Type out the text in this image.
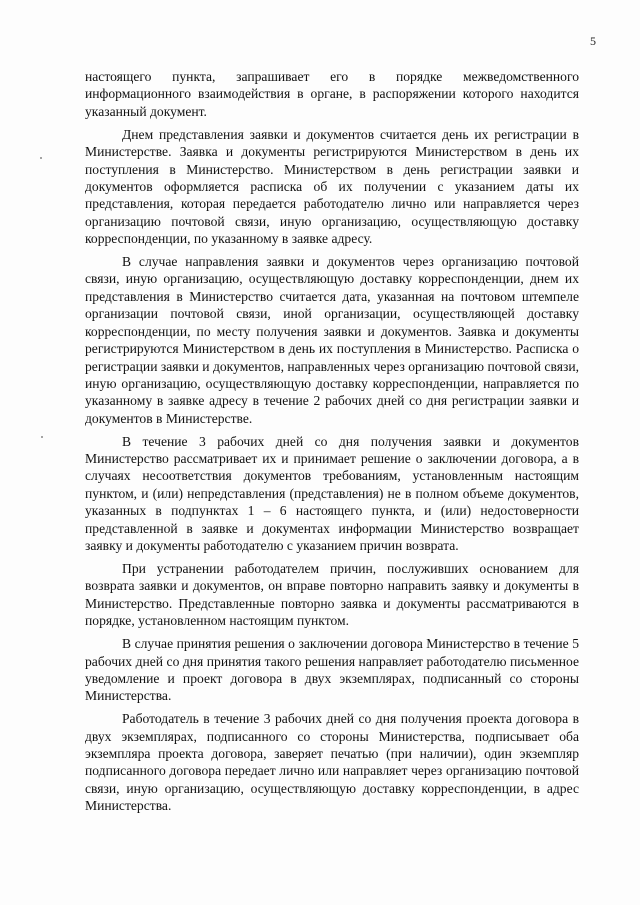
5

настоящего пункта, запрашивает его в порядке межведомственного информационного взаимодействия в органе, в распоряжении которого находится указанный документ.

Днем представления заявки и документов считается день их регистрации в Министерстве. Заявка и документы регистрируются Министерством в день их поступления в Министерство. Министерством в день регистрации заявки и документов оформляется расписка об их получении с указанием даты их представления, которая передается работодателю лично или направляется через организацию почтовой связи, иную организацию, осуществляющую доставку корреспонденции, по указанному в заявке адресу.

В случае направления заявки и документов через организацию почтовой связи, иную организацию, осуществляющую доставку корреспонденции, днем их представления в Министерство считается дата, указанная на почтовом штемпеле организации почтовой связи, иной организации, осуществляющей доставку корреспонденции, по месту получения заявки и документов. Заявка и документы регистрируются Министерством в день их поступления в Министерство. Расписка о регистрации заявки и документов, направленных через организацию почтовой связи, иную организацию, осуществляющую доставку корреспонденции, направляется по указанному в заявке адресу в течение 2 рабочих дней со дня регистрации заявки и документов в Министерстве.

В течение 3 рабочих дней со дня получения заявки и документов Министерство рассматривает их и принимает решение о заключении договора, а в случаях несоответствия документов требованиям, установленным настоящим пунктом, и (или) непредставления (представления) не в полном объеме документов, указанных в подпунктах 1 – 6 настоящего пункта, и (или) недостоверности представленной в заявке и документах информации Министерство возвращает заявку и документы работодателю с указанием причин возврата.

При устранении работодателем причин, послуживших основанием для возврата заявки и документов, он вправе повторно направить заявку и документы в Министерство. Представленные повторно заявка и документы рассматриваются в порядке, установленном настоящим пунктом.

В случае принятия решения о заключении договора Министерство в течение 5 рабочих дней со дня принятия такого решения направляет работодателю письменное уведомление и проект договора в двух экземплярах, подписанный со стороны Министерства.

Работодатель в течение 3 рабочих дней со дня получения проекта договора в двух экземплярах, подписанного со стороны Министерства, подписывает оба экземпляра проекта договора, заверяет печатью (при наличии), один экземпляр подписанного договора передает лично или направляет через организацию почтовой связи, иную организацию, осуществляющую доставку корреспонденции, в адрес Министерства.
